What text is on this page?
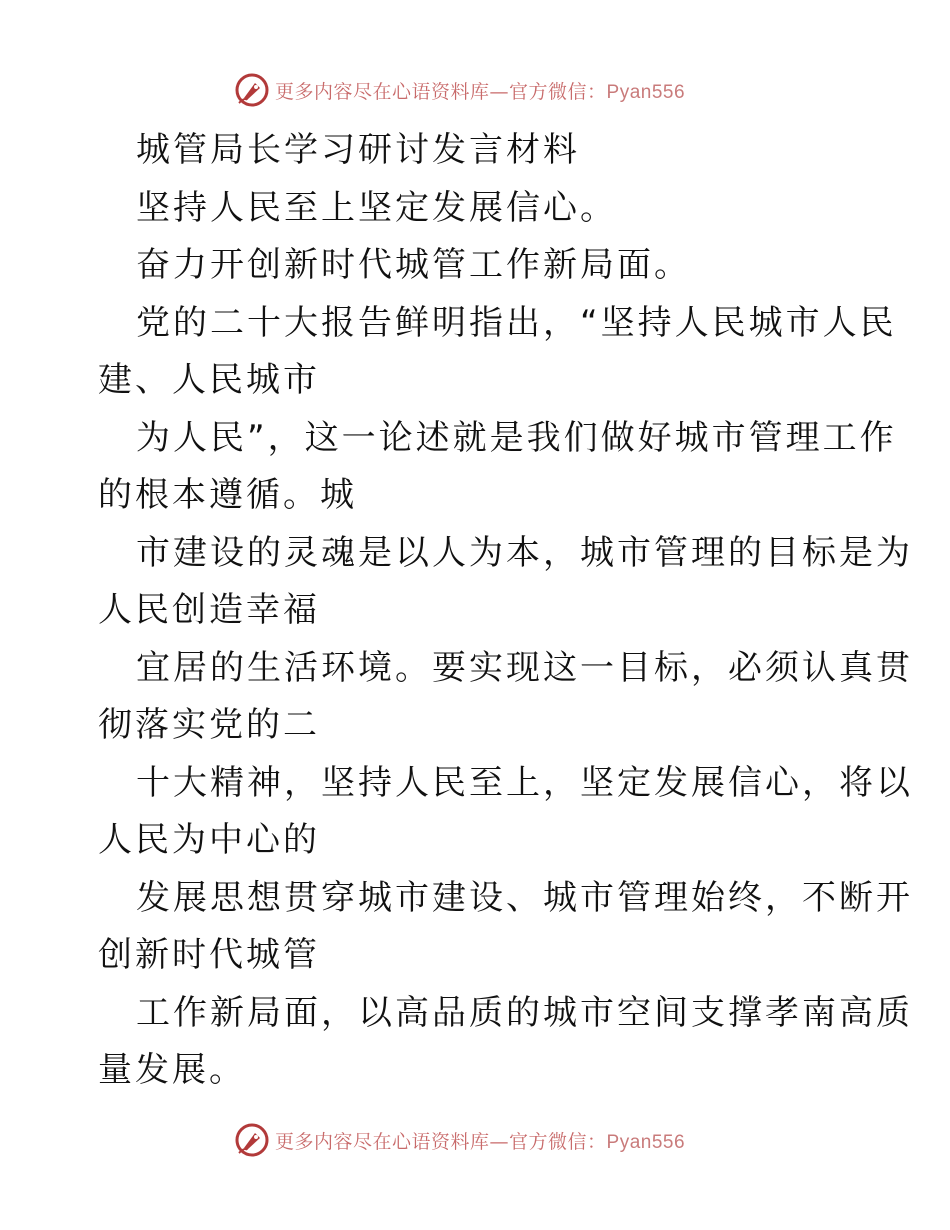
更多内容尽在心语资料库—官方微信：Pyan556

城管局长学习研讨发言材料

坚持人民至上坚定发展信心。

奋力开创新时代城管工作新局面。

党的二十大报告鲜明指出，“坚持人民城市人民
建、人民城市

为人民”，这一论述就是我们做好城市管理工作
的根本遵循。城

市建设的灵魂是以人为本，城市管理的目标是为
人民创造幸福

宜居的生活环境。要实现这一目标，必须认真贯
彻落实党的二

十大精神，坚持人民至上，坚定发展信心，将以
人民为中心的

发展思想贯穿城市建设、城市管理始终，不断开
创新时代城管

工作新局面，以高品质的城市空间支撑孝南高质
量发展。

更多内容尽在心语资料库—官方微信：Pyan556
